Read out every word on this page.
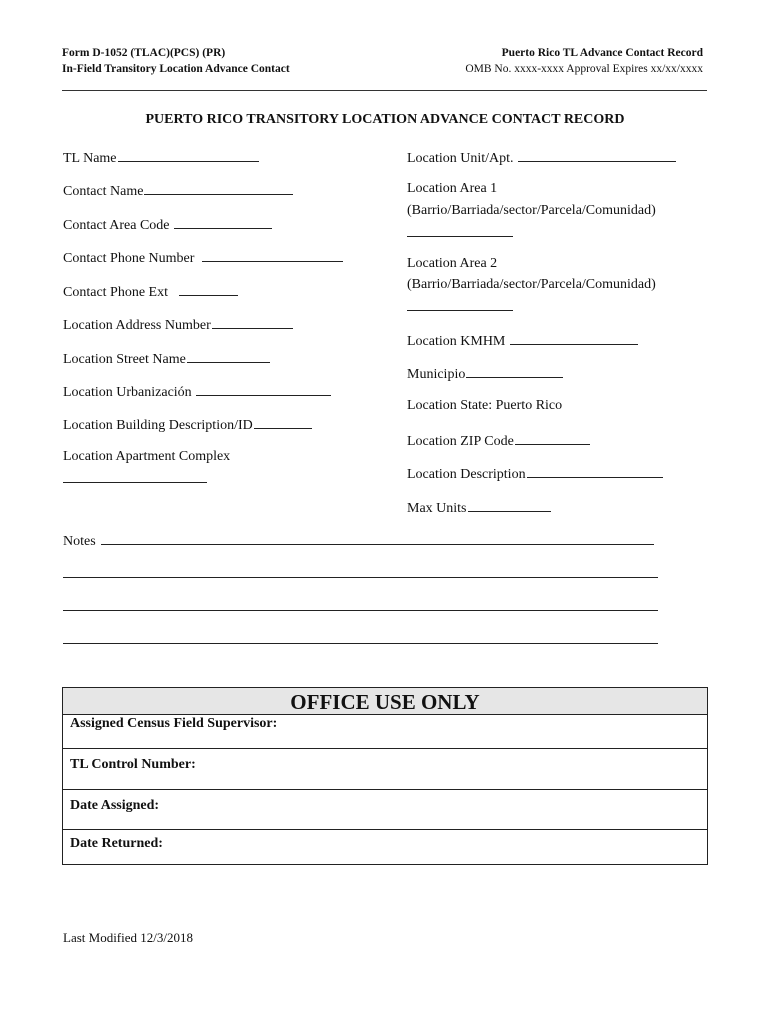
Form D-1052 (TLAC)(PCS) (PR)
In-Field Transitory Location Advance Contact
Puerto Rico TL Advance Contact Record
OMB No. xxxx-xxxx Approval Expires xx/xx/xxxx
PUERTO RICO TRANSITORY LOCATION ADVANCE CONTACT RECORD
TL Name
Contact Name
Contact Area Code
Contact Phone Number
Contact Phone Ext
Location Address Number
Location Street Name
Location Urbanización
Location Building Description/ID
Location Apartment Complex
Location Unit/Apt.
Location Area 1
(Barrio/Barriada/sector/Parcela/Comunidad)
Location Area 2
(Barrio/Barriada/sector/Parcela/Comunidad)
Location KMHM
Municipio
Location State: Puerto Rico
Location ZIP Code
Location Description
Max Units
Notes
OFFICE USE ONLY
Assigned Census Field Supervisor:
TL Control Number:
Date Assigned:
Date Returned:
Last Modified 12/3/2018
